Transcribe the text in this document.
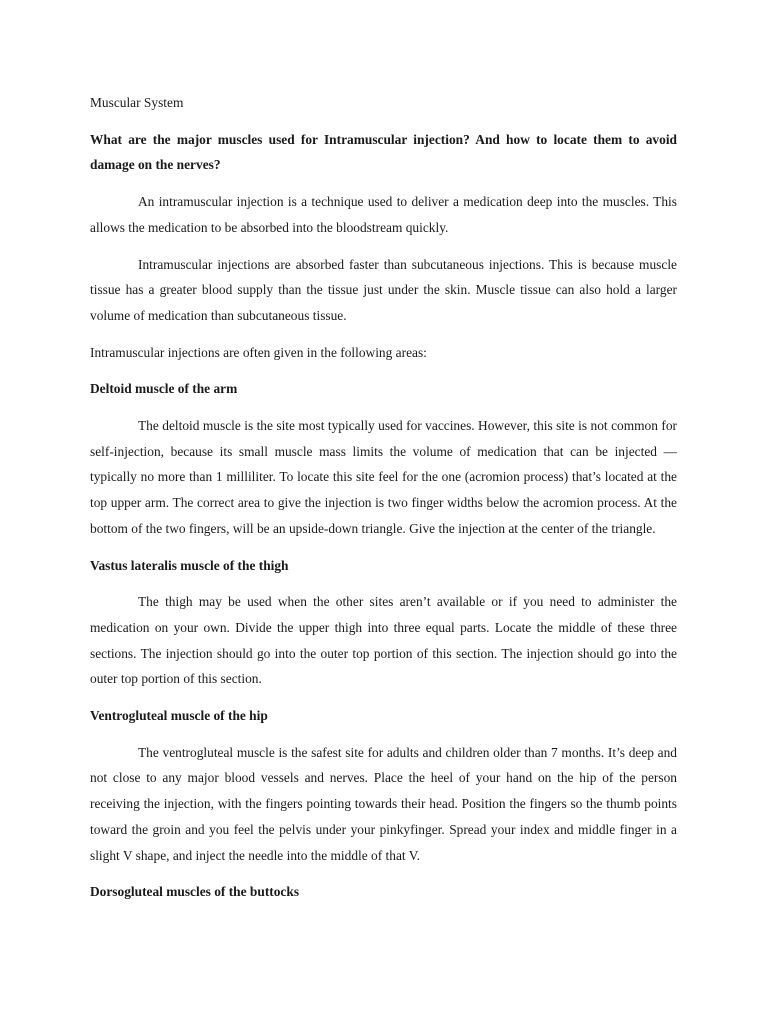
Muscular System

What are the major muscles used for Intramuscular injection? And how to locate them to avoid damage on the nerves?

An intramuscular injection is a technique used to deliver a medication deep into the muscles. This allows the medication to be absorbed into the bloodstream quickly.

Intramuscular injections are absorbed faster than subcutaneous injections. This is because muscle tissue has a greater blood supply than the tissue just under the skin. Muscle tissue can also hold a larger volume of medication than subcutaneous tissue.

Intramuscular injections are often given in the following areas:

Deltoid muscle of the arm

The deltoid muscle is the site most typically used for vaccines. However, this site is not common for self-injection, because its small muscle mass limits the volume of medication that can be injected — typically no more than 1 milliliter. To locate this site feel for the one (acromion process) that’s located at the top upper arm. The correct area to give the injection is two finger widths below the acromion process. At the bottom of the two fingers, will be an upside-down triangle. Give the injection at the center of the triangle.

Vastus lateralis muscle of the thigh

The thigh may be used when the other sites aren’t available or if you need to administer the medication on your own. Divide the upper thigh into three equal parts. Locate the middle of these three sections. The injection should go into the outer top portion of this section. The injection should go into the outer top portion of this section.

Ventrogluteal muscle of the hip

The ventrogluteal muscle is the safest site for adults and children older than 7 months. It’s deep and not close to any major blood vessels and nerves. Place the heel of your hand on the hip of the person receiving the injection, with the fingers pointing towards their head. Position the fingers so the thumb points toward the groin and you feel the pelvis under your pinkyfinger. Spread your index and middle finger in a slight V shape, and inject the needle into the middle of that V.

Dorsogluteal muscles of the buttocks
